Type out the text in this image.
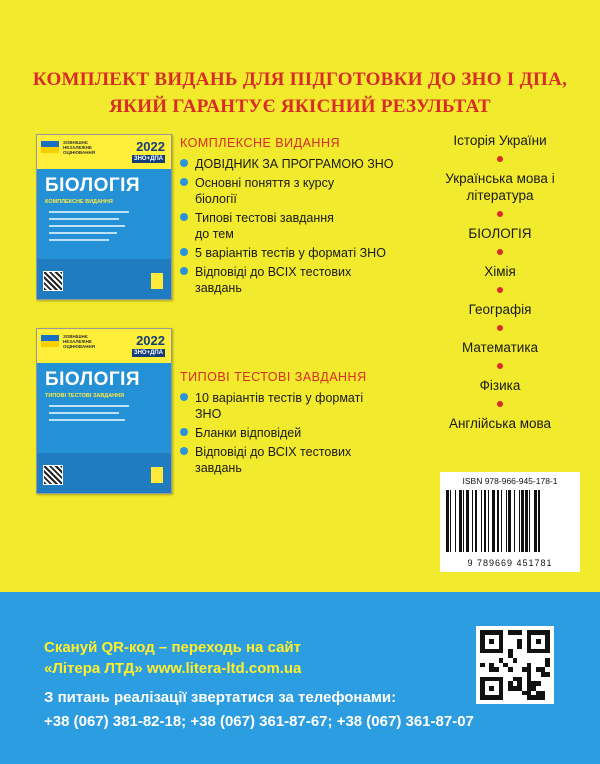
КОМПЛЕКТ ВИДАНЬ ДЛЯ ПІДГОТОВКИ ДО ЗНО І ДПА,
ЯКИЙ ГАРАНТУЄ ЯКІСНИЙ РЕЗУЛЬТАТ
ЗОВНІШНЄ НЕЗАЛЕЖНЕ ОЦІНЮВАННЯ	2022
ЗНО+ДПА
БІОЛОГІЯ
КОМПЛЕКСНЕ ВИДАННЯ
ЗОВНІШНЄ НЕЗАЛЕЖНЕ ОЦІНЮВАННЯ	2022
ЗНО+ДПА
БІОЛОГІЯ
ТИПОВІ ТЕСТОВІ ЗАВДАННЯ
КОМПЛЕКСНЕ ВИДАННЯ
ДОВІДНИК ЗА ПРОГРАМОЮ ЗНО
Основні поняття з курсу біології
Типові тестові завдання до тем
5 варіантів тестів у форматі ЗНО
Відповіді до ВСІХ тестових завдань
ТИПОВІ ТЕСТОВІ ЗАВДАННЯ
10 варіантів тестів у форматі ЗНО
Бланки відповідей
Відповіді до ВСІХ тестових завдань
Історія України
Українська мова і література
БІОЛОГІЯ
Хімія
Географія
Математика
Фізика
Англійська мова
ISBN 978-966-945-178-1
9 789669 451781
Скануй QR-код – переходь на сайт
«Літера ЛТД» www.litera-ltd.com.ua
З питань реалізації звертатися за телефонами:
+38 (067) 381-82-18; +38 (067) 361-87-67; +38 (067) 361-87-07
